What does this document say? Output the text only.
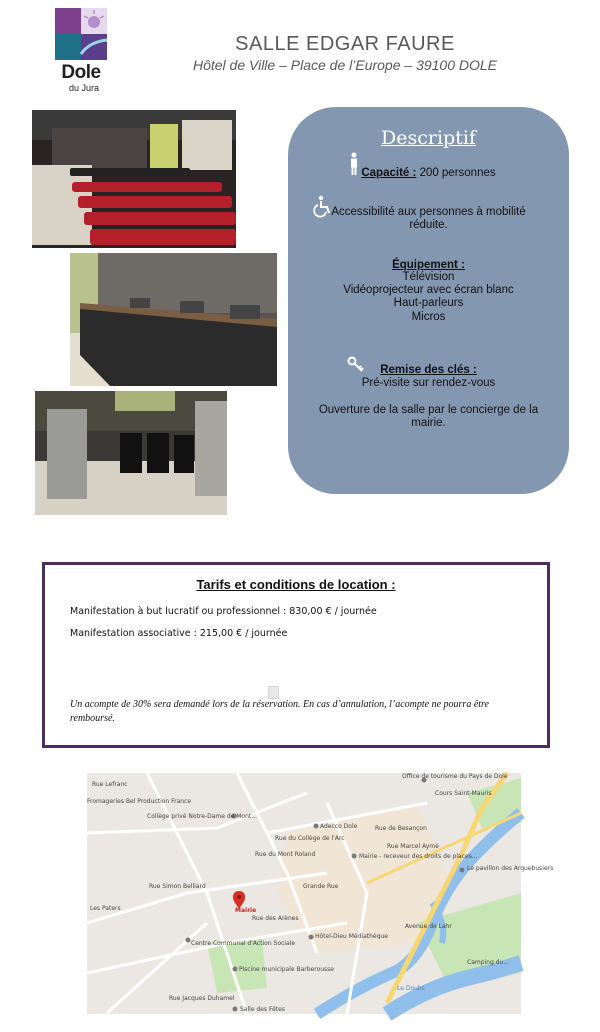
Dole
du Jura
SALLE EDGAR FAURE
Hôtel de Ville – Place de l’Europe – 39100 DOLE
Descriptif
Capacité : 200 personnes
Accessibilité aux personnes à mobilité
réduite.
Équipement :
Télévision
Vidéoprojecteur avec écran blanc
Haut-parleurs
Micros
Remise des clés :
Pré-visite sur rendez-vous
Ouverture de la salle par le concierge de la
mairie.
Tarifs et conditions de location :
Manifestation à but lucratif ou professionnel : 830,00 € / journée
Manifestation associative : 215,00 € / journée
Un acompte de 30% sera demandé lors de la réservation. En cas d’annulation, l’acompte ne pourra être remboursé.
Office de tourisme du Pays de Dole
Cours Saint-Mauris
Collège privé Notre-Dame de Mont...
Fromageries Bel Production France
Adecco Dole	Rue de Besançon
Rue Marcel Aymé
Mairie - receveur des droits de places...
Le pavillon des Arquebusiers
Mairie
Centre Communal d'Action Sociale
Hôtel-Dieu Médiathèque
Piscine municipale Barberousse
Salle des Fêtes
Le Doubs
Avenue de Lahr
Rue Simon Belliard
Rue du Mont Roland
Grande Rue
Rue des Arènes
Camping du...
Les Paters
Rue du Collège de l'Arc
Rue Lefranc
Rue Jacques Duhamel
